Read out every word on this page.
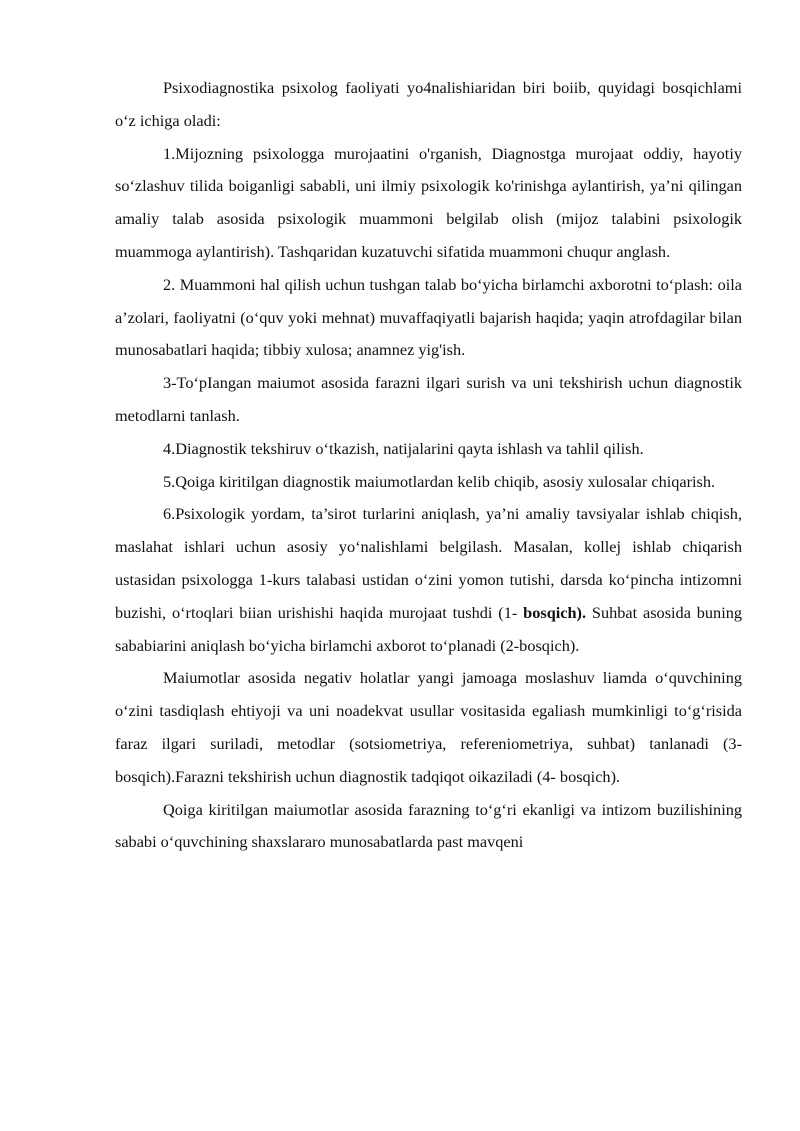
Psixodiagnostika psixolog faoliyati yo4nalishiaridan biri boiib, quyidagi bosqichlami o‘z ichiga oladi:

1.Mijozning psixologga murojaatini o'rganish, Diagnostga murojaat oddiy, hayotiy so‘zlashuv tilida boiganligi sababli, uni ilmiy psixologik ko'rinishga aylantirish, ya’ni qilingan amaliy talab asosida psixologik muammoni belgilab olish (mijoz talabini psixologik muammoga aylantirish). Tashqaridan kuzatuvchi sifatida muammoni chuqur anglash.

2. Muammoni hal qilish uchun tushgan talab bo‘yicha birlamchi axborotni to‘plash: oila a’zolari, faoliyatni (o‘quv yoki mehnat) muvaffaqiyatli bajarish haqida; yaqin atrofdagilar bilan munosabatlari haqida; tibbiy xulosa; anamnez yig'ish.

3-To‘pIangan maiumot asosida farazni ilgari surish va uni tekshirish uchun diagnostik metodlarni tanlash.

4.Diagnostik tekshiruv o‘tkazish, natijalarini qayta ishlash va tahlil qilish.

5.Qoiga kiritilgan diagnostik maiumotlardan kelib chiqib, asosiy xulosalar chiqarish.

6.Psixologik yordam, ta’sirot turlarini aniqlash, ya’ni amaliy tavsiyalar ishlab chiqish, maslahat ishlari uchun asosiy yo‘nalishlami belgilash. Masalan, kollej ishlab chiqarish ustasidan psixologga 1-kurs talabasi ustidan o‘zini yomon tutishi, darsda ko‘pincha intizomni buzishi, o‘rtoqlari biian urishishi haqida murojaat tushdi (1- bosqich). Suhbat asosida buning sababiarini aniqlash bo‘yicha birlamchi axborot to‘planadi (2-bosqich).

Maiumotlar asosida negativ holatlar yangi jamoaga moslashuv liamda o‘quvchining o‘zini tasdiqlash ehtiyoji va uni noadekvat usullar vositasida egaliash mumkinligi to‘g‘risida faraz ilgari suriladi, metodlar (sotsiometriya, refereniometriya, suhbat) tanlanadi (3-bosqich).Farazni tekshirish uchun diagnostik tadqiqot oikaziladi (4- bosqich).

Qoiga kiritilgan maiumotlar asosida farazning to‘g‘ri ekanligi va intizom buzilishining sababi o‘quvchining shaxslararo munosabatlarda past mavqeni
